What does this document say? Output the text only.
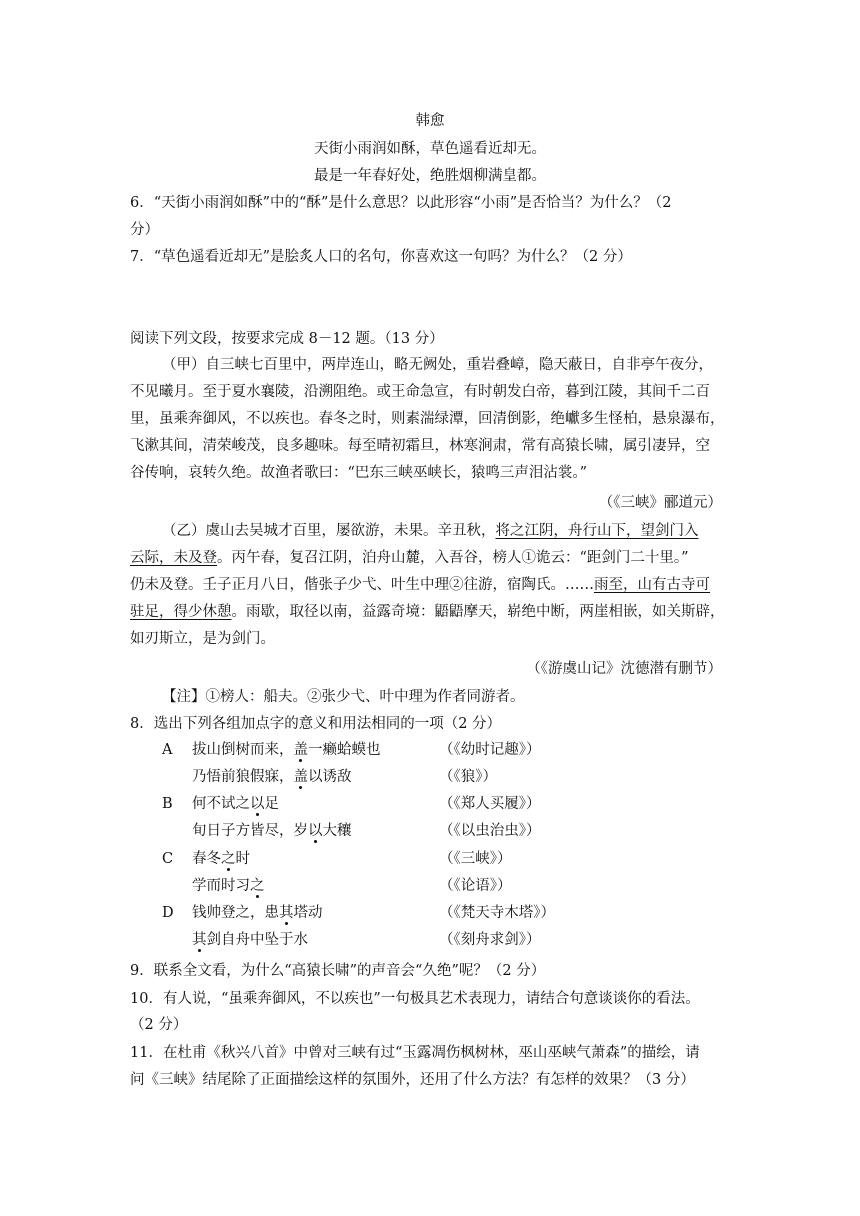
韩愈
天街小雨润如酥，草色遥看近却无。
最是一年春好处，绝胜烟柳满皇都。
6．“天街小雨润如酥”中的“酥”是什么意思？以此形容“小雨”是否恰当？为什么？（2
分）
7．“草色遥看近却无”是脍炙人口的名句，你喜欢这一句吗？为什么？（2 分）
阅读下列文段，按要求完成 8－12 题。（13 分）
（甲）自三峡七百里中，两岸连山，略无阙处，重岩叠嶂，隐天蔽日，自非亭午夜分，
不见曦月。至于夏水襄陵，沿溯阻绝。或王命急宣，有时朝发白帝，暮到江陵，其间千二百
里，虽乘奔御风，不以疾也。春冬之时，则素湍绿潭，回清倒影，绝巘多生怪柏，悬泉瀑布，
飞漱其间，清荣峻茂，良多趣味。每至晴初霜旦，林寒涧肃，常有高猿长啸，属引凄异，空
谷传响，哀转久绝。故渔者歌曰：“巴东三峡巫峡长，猿鸣三声泪沾裳。”
（《三峡》郦道元）
（乙）虞山去吴城才百里，屡欲游，未果。辛丑秋，将之江阴，舟行山下，望剑门入
云际，未及登。丙午春，复召江阴，泊舟山麓，入吾谷，榜人①诡云：“距剑门二十里。”
仍未及登。壬子正月八日，偕张子少弋、叶生中理②往游，宿陶氏。……雨至，山有古寺可
驻足，得少休憩。雨歇，取径以南，益露奇境：鼯鼯摩天，崭绝中断，两崖相嵌，如关斯辟，
如刃斯立，是为剑门。
（《游虞山记》沈德潜有删节）
【注】①榜人：船夫。②张少弋、叶中理为作者同游者。
8．选出下列各组加点字的意义和用法相同的一项（2 分）
A 拔山倒树而来，盖一癞蛤蟆也	（《幼时记趣》）
乃悟前狼假寐，盖以诱敌	（《狼》）
B 何不试之以足	（《郑人买履》）
旬日子方皆尽，岁以大穰	（《以虫治虫》）
C 春冬之时	（《三峡》）
学而时习之	（《论语》）
D 钱帅登之，患其塔动	（《梵天寺木塔》）
其剑自舟中坠于水	（《刻舟求剑》）
9．联系全文看，为什么“高猿长啸”的声音会“久绝”呢？（2 分）
10．有人说，“虽乘奔御风，不以疾也”一句极具艺术表现力，请结合句意谈谈你的看法。
（2 分）
11．在杜甫《秋兴八首》中曾对三峡有过“玉露凋伤枫树林，巫山巫峡气萧森”的描绘，请
问《三峡》结尾除了正面描绘这样的氛围外，还用了什么方法？有怎样的效果？（3 分）
